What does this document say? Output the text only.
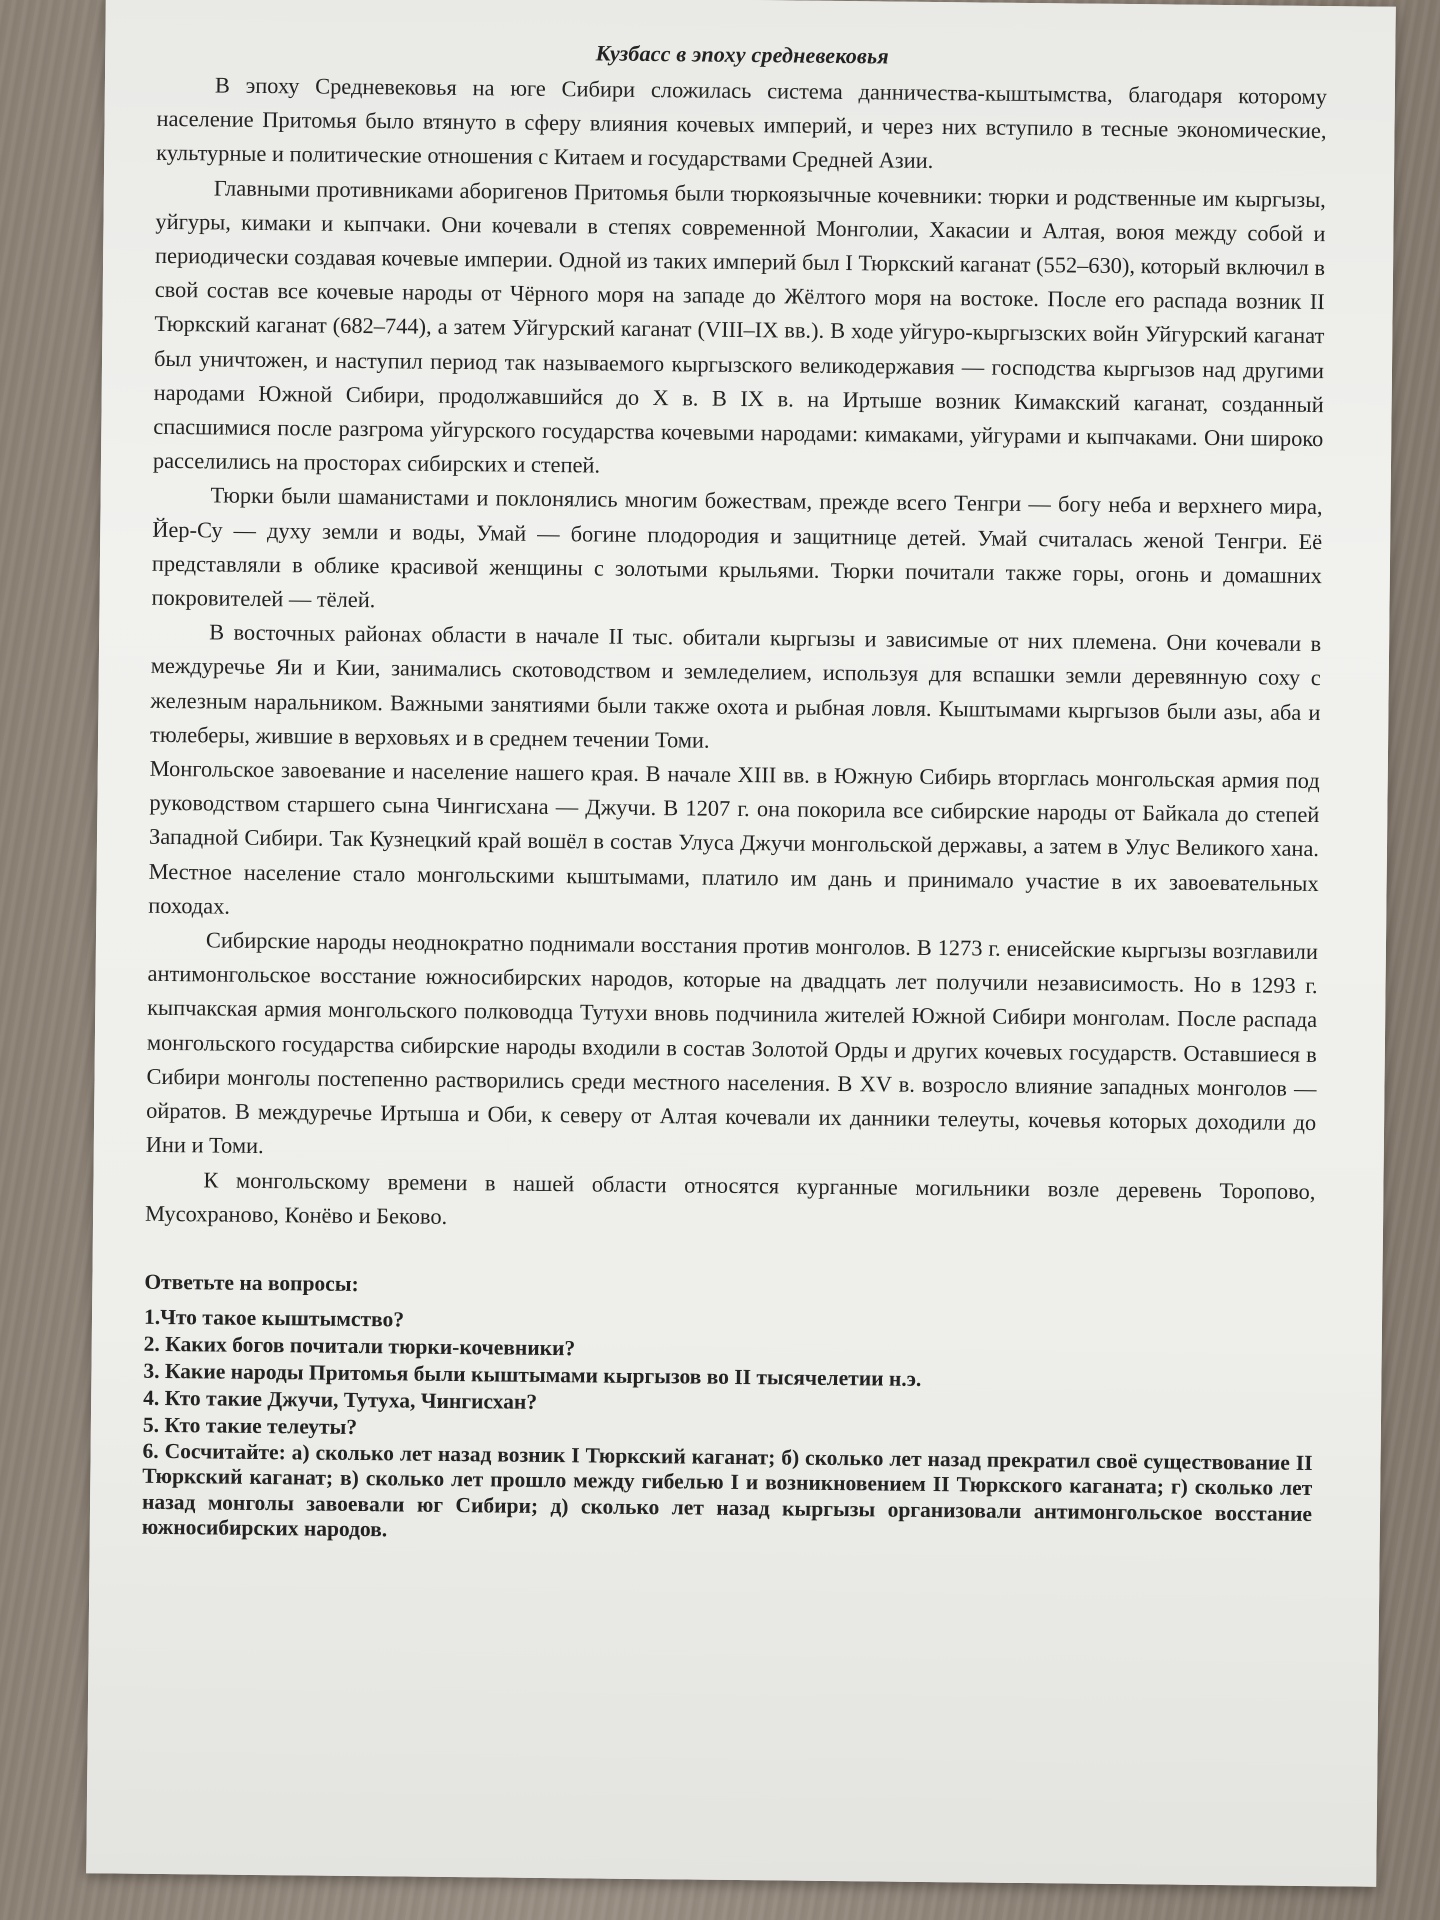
Кузбасс в эпоху средневековья

В эпоху Средневековья на юге Сибири сложилась система данничества-кыштымства, благодаря которому население Притомья было втянуто в сферу влияния кочевых империй, и через них вступило в тесные экономические, культурные и политические отношения с Китаем и государствами Средней Азии.

Главными противниками аборигенов Притомья были тюркоязычные кочевники: тюрки и родственные им кыргызы, уйгуры, кимаки и кыпчаки. Они кочевали в степях современной Монголии, Хакасии и Алтая, воюя между собой и периодически создавая кочевые империи. Одной из таких империй был I Тюркский каганат (552–630), который включил в свой состав все кочевые народы от Чёрного моря на западе до Жёлтого моря на востоке. После его распада возник II Тюркский каганат (682–744), а затем Уйгурский каганат (VIII–IX вв.). В ходе уйгуро-кыргызских войн Уйгурский каганат был уничтожен, и наступил период так называемого кыргызского великодержавия — господства кыргызов над другими народами Южной Сибири, продолжавшийся до X в. В IX в. на Иртыше возник Кимакский каганат, созданный спасшимися после разгрома уйгурского государства кочевыми народами: кимаками, уйгурами и кыпчаками. Они широко расселились на просторах сибирских и степей.

Тюрки были шаманистами и поклонялись многим божествам, прежде всего Тенгри — богу неба и верхнего мира, Йер-Су — духу земли и воды, Умай — богине плодородия и защитнице детей. Умай считалась женой Тенгри. Её представляли в облике красивой женщины с золотыми крыльями. Тюрки почитали также горы, огонь и домашних покровителей — тёлей.

В восточных районах области в начале II тыс. обитали кыргызы и зависимые от них племена. Они кочевали в междуречье Яи и Кии, занимались скотоводством и земледелием, используя для вспашки земли деревянную соху с железным наральником. Важными занятиями были также охота и рыбная ловля. Кыштымами кыргызов были азы, аба и тюлеберы, жившие в верховьях и в среднем течении Томи.

Монгольское завоевание и население нашего края. В начале XIII вв. в Южную Сибирь вторглась монгольская армия под руководством старшего сына Чингисхана — Джучи. В 1207 г. она покорила все сибирские народы от Байкала до степей Западной Сибири. Так Кузнецкий край вошёл в состав Улуса Джучи монгольской державы, а затем в Улус Великого хана. Местное население стало монгольскими кыштымами, платило им дань и принимало участие в их завоевательных походах.

Сибирские народы неоднократно поднимали восстания против монголов. В 1273 г. енисейские кыргызы возглавили антимонгольское восстание южносибирских народов, которые на двадцать лет получили независимость. Но в 1293 г. кыпчакская армия монгольского полководца Тутухи вновь подчинила жителей Южной Сибири монголам. После распада монгольского государства сибирские народы входили в состав Золотой Орды и других кочевых государств. Оставшиеся в Сибири монголы постепенно растворились среди местного населения. В XV в. возросло влияние западных монголов — ойратов. В междуречье Иртыша и Оби, к северу от Алтая кочевали их данники телеуты, кочевья которых доходили до Ини и Томи.

К монгольскому времени в нашей области относятся курганные могильники возле деревень Торопово, Мусохраново, Конёво и Беково.

Ответьте на вопросы:

1.Что такое кыштымство?

2. Каких богов почитали тюрки-кочевники?

3. Какие народы Притомья были кыштымами кыргызов во II тысячелетии н.э.

4. Кто такие Джучи, Тутуха, Чингисхан?

5. Кто такие телеуты?

6. Сосчитайте: а) сколько лет назад возник I Тюркский каганат; б) сколько лет назад прекратил своё существование II Тюркский каганат; в) сколько лет прошло между гибелью I и возникновением II Тюркского каганата; г) сколько лет назад монголы завоевали юг Сибири; д) сколько лет назад кыргызы организовали антимонгольское восстание южносибирских народов.
